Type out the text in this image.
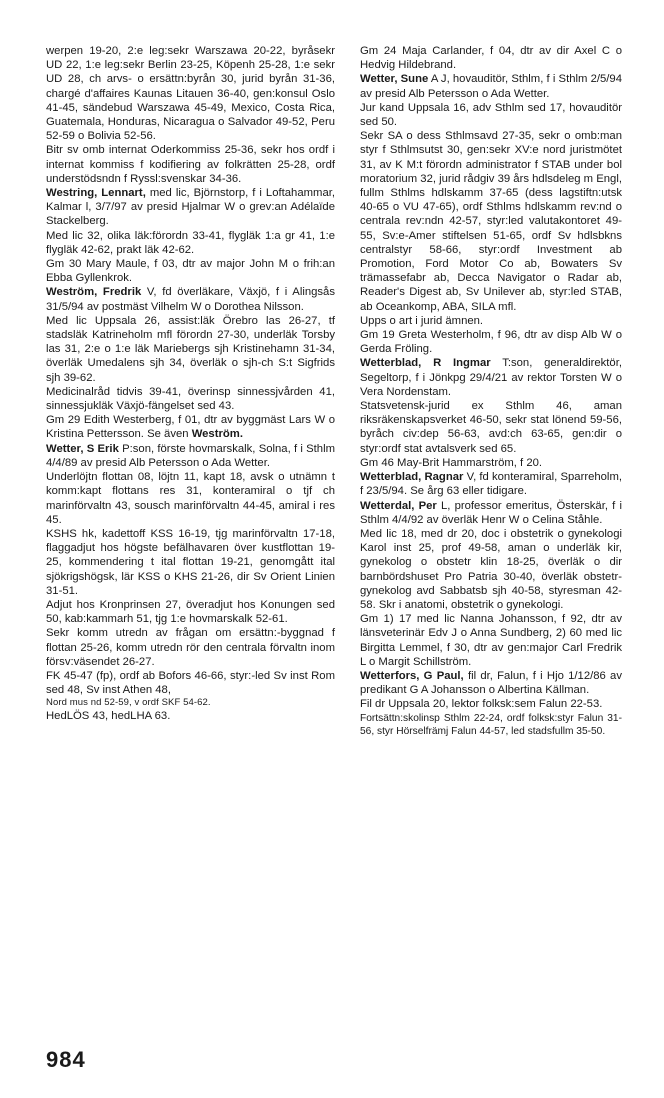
werpen 19-20, 2:e leg:sekr Warszawa 20-22, byråsekr UD 22, 1:e leg:sekr Berlin 23-25, Köpenh 25-28, 1:e sekr UD 28, ch arvs- o ersättn:byrån 30, jurid byrån 31-36, chargé d'affaires Kaunas Litauen 36-40, gen:konsul Oslo 41-45, sändebud Warszawa 45-49, Mexico, Costa Rica, Guatemala, Honduras, Nicaragua o Salvador 49-52, Peru 52-59 o Bolivia 52-56.

Bitr sv omb internat Oderkommiss 25-36, sekr hos ordf i internat kommiss f kodifiering av folkrätten 25-28, ordf understödsndn f Ryssl:svenskar 34-36.

Westring, Lennart, med lic, Björnstorp, f i Loftahammar, Kalmar l, 3/7/97 av presid Hjalmar W o grev:an Adélaïde Stackelberg.

Med lic 32, olika läk:förordn 33-41, flygläk 1:a gr 41, 1:e flygläk 42-62, prakt läk 42-62.

Gm 30 Mary Maule, f 03, dtr av major John M o frih:an Ebba Gyllenkrok.

Weström, Fredrik V, fd överläkare, Växjö, f i Alingsås 31/5/94 av postmäst Vilhelm W o Dorothea Nilsson.

Med lic Uppsala 26, assist:läk Örebro las 26-27, tf stadsläk Katrineholm mfl förordn 27-30, underläk Torsby las 31, 2:e o 1:e läk Mariebergs sjh Kristinehamn 31-34, överläk Umedalens sjh 34, överläk o sjh-ch S:t Sigfrids sjh 39-62.

Medicinalråd tidvis 39-41, överinsp sinnessjvården 41, sinnessjukläk Växjö-fängelset sed 43.

Gm 29 Edith Westerberg, f 01, dtr av byggmäst Lars W o Kristina Pettersson. Se även Weström.

Wetter, S Erik P:son, förste hovmarskalk, Solna, f i Sthlm 4/4/89 av presid Alb Petersson o Ada Wetter.

Underlöjtn flottan 08, löjtn 11, kapt 18, avsk o utnämn t komm:kapt flottans res 31, konteramiral o tjf ch marinförvaltn 43, sousch marinförvaltn 44-45, amiral i res 45.

KSHS hk, kadettoff KSS 16-19, tjg marinförvaltn 17-18, flaggadjut hos högste befälhavaren över kustflottan 19-25, kommendering t ital flottan 19-21, genomgått ital sjökrigshögsk, lär KSS o KHS 21-26, dir Sv Orient Linien 31-51.

Adjut hos Kronprinsen 27, överadjut hos Konungen sed 50, kab:kammarh 51, tjg 1:e hovmarskalk 52-61.

Sekr komm utredn av frågan om ersättn:-byggnad f flottan 25-26, komm utredn rör den centrala förvaltn inom försv:väsendet 26-27.

FK 45-47 (fp), ordf ab Bofors 46-66, styr:-led Sv inst Rom sed 48, Sv inst Athen 48,

Nord mus nd 52-59, v ordf SKF 54-62.

HedLÖS 43, hedLHA 63.

Gm 24 Maja Carlander, f 04, dtr av dir Axel C o Hedvig Hildebrand.

Wetter, Sune A J, hovauditör, Sthlm, f i Sthlm 2/5/94 av presid Alb Petersson o Ada Wetter.

Jur kand Uppsala 16, adv Sthlm sed 17, hovauditör sed 50.

Sekr SA o dess Sthlmsavd 27-35, sekr o omb:man styr f Sthlmsutst 30, gen:sekr XV:e nord juristmötet 31, av K M:t förordn administrator f STAB under bol moratorium 32, jurid rådgiv 39 års hdlsdeleg m Engl, fullm Sthlms hdlskamm 37-65 (dess lagstiftn:utsk 40-65 o VU 47-65), ordf Sthlms hdlskamm rev:nd o centrala rev:ndn 42-57, styr:led valutakontoret 49-55, Sv:e-Amer stiftelsen 51-65, ordf Sv hdlsbkns centralstyr 58-66, styr:ordf Investment ab Promotion, Ford Motor Co ab, Bowaters Sv trämassefabr ab, Decca Navigator o Radar ab, Reader's Digest ab, Sv Unilever ab, styr:led STAB, ab Oceankomp, ABA, SILA mfl.

Upps o art i jurid ämnen.

Gm 19 Greta Westerholm, f 96, dtr av disp Alb W o Gerda Fröling.

Wetterblad, R Ingmar T:son, generaldirektör, Segeltorp, f i Jönkpg 29/4/21 av rektor Torsten W o Vera Nordenstam.

Statsvetensk-jurid ex Sthlm 46, aman riksräkenskapsverket 46-50, sekr stat lönend 59-56, byråch civ:dep 56-63, avd:ch 63-65, gen:dir o styr:ordf stat avtalsverk sed 65.

Gm 46 May-Brit Hammarström, f 20.

Wetterblad, Ragnar V, fd konteramiral, Sparreholm, f 23/5/94. Se årg 63 eller tidigare.

Wetterdal, Per L, professor emeritus, Österskär, f i Sthlm 4/4/92 av överläk Henr W o Celina Ståhle.

Med lic 18, med dr 20, doc i obstetrik o gynekologi Karol inst 25, prof 49-58, aman o underläk kir, gynekolog o obstetr klin 18-25, överläk o dir barnbördshuset Pro Patria 30-40, överläk obstetr-gynekolog avd Sabbatsb sjh 40-58, styresman 42-58. Skr i anatomi, obstetrik o gynekologi.

Gm 1) 17 med lic Nanna Johansson, f 92, dtr av länsveterinär Edv J o Anna Sundberg, 2) 60 med lic Birgitta Lemmel, f 30, dtr av gen:major Carl Fredrik L o Margit Schillström.

Wetterfors, G Paul, fil dr, Falun, f i Hjo 1/12/86 av predikant G A Johansson o Albertina Källman.

Fil dr Uppsala 20, lektor folksk:sem Falun 22-53.

Fortsättn:skolinsp Sthlm 22-24, ordf folksk:styr Falun 31-56, styr Hörselfrämj Falun 44-57, led stadsfullm 35-50.

984
